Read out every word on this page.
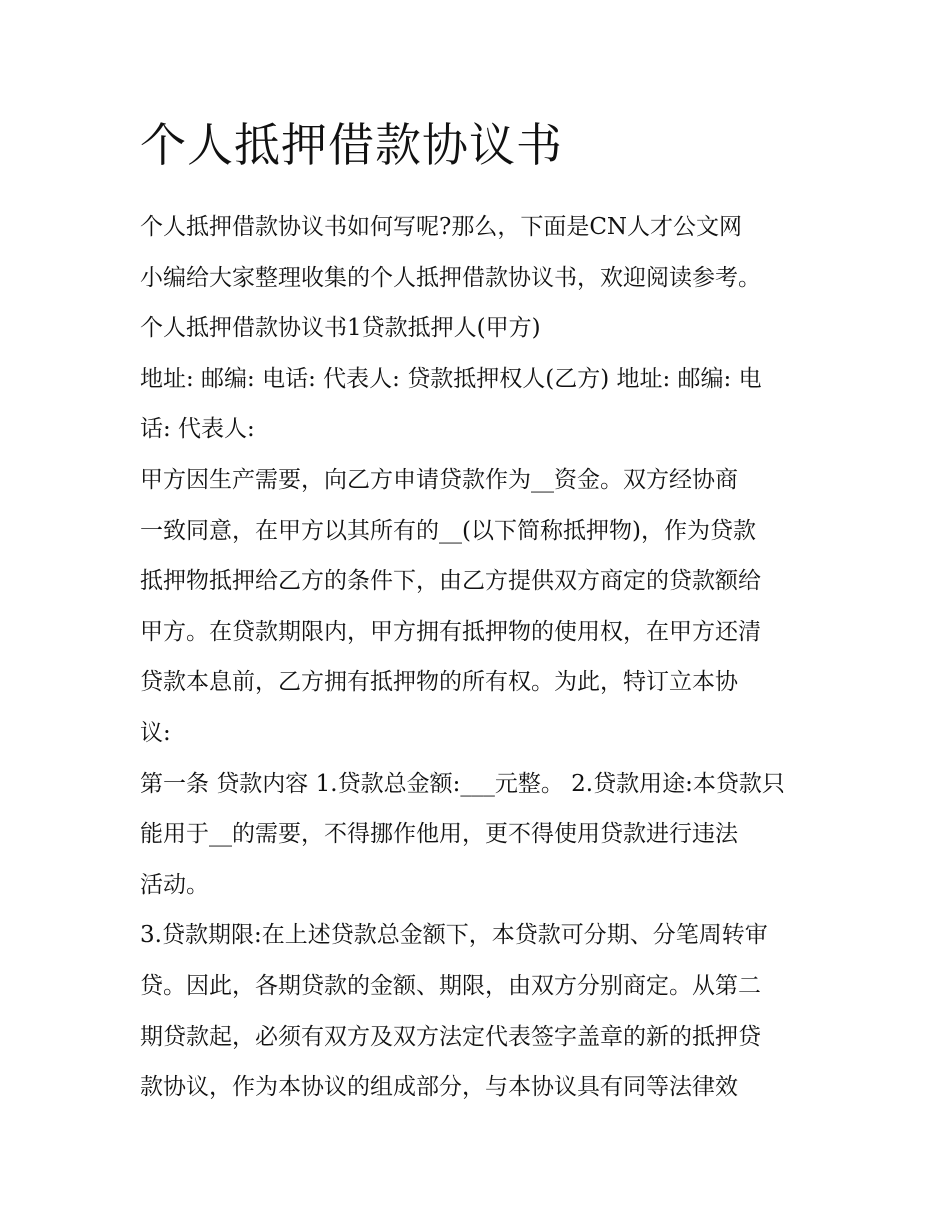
个人抵押借款协议书

个人抵押借款协议书如何写呢?那么，下面是CN人才公文网
小编给大家整理收集的个人抵押借款协议书，欢迎阅读参考。

个人抵押借款协议书1贷款抵押人(甲方)

地址: 邮编: 电话: 代表人: 贷款抵押权人(乙方) 地址: 邮编: 电
话: 代表人:

甲方因生产需要，向乙方申请贷款作为__资金。双方经协商
一致同意，在甲方以其所有的__(以下简称抵押物)，作为贷款
抵押物抵押给乙方的条件下，由乙方提供双方商定的贷款额给
甲方。在贷款期限内，甲方拥有抵押物的使用权，在甲方还清
贷款本息前，乙方拥有抵押物的所有权。为此，特订立本协
议:

第一条 贷款内容 1.贷款总金额:___元整。 2.贷款用途:本贷款只
能用于__的需要，不得挪作他用，更不得使用贷款进行违法
活动。

3.贷款期限:在上述贷款总金额下，本贷款可分期、分笔周转审
贷。因此，各期贷款的金额、期限，由双方分别商定。从第二
期贷款起，必须有双方及双方法定代表签字盖章的新的抵押贷
款协议，作为本协议的组成部分，与本协议具有同等法律效
